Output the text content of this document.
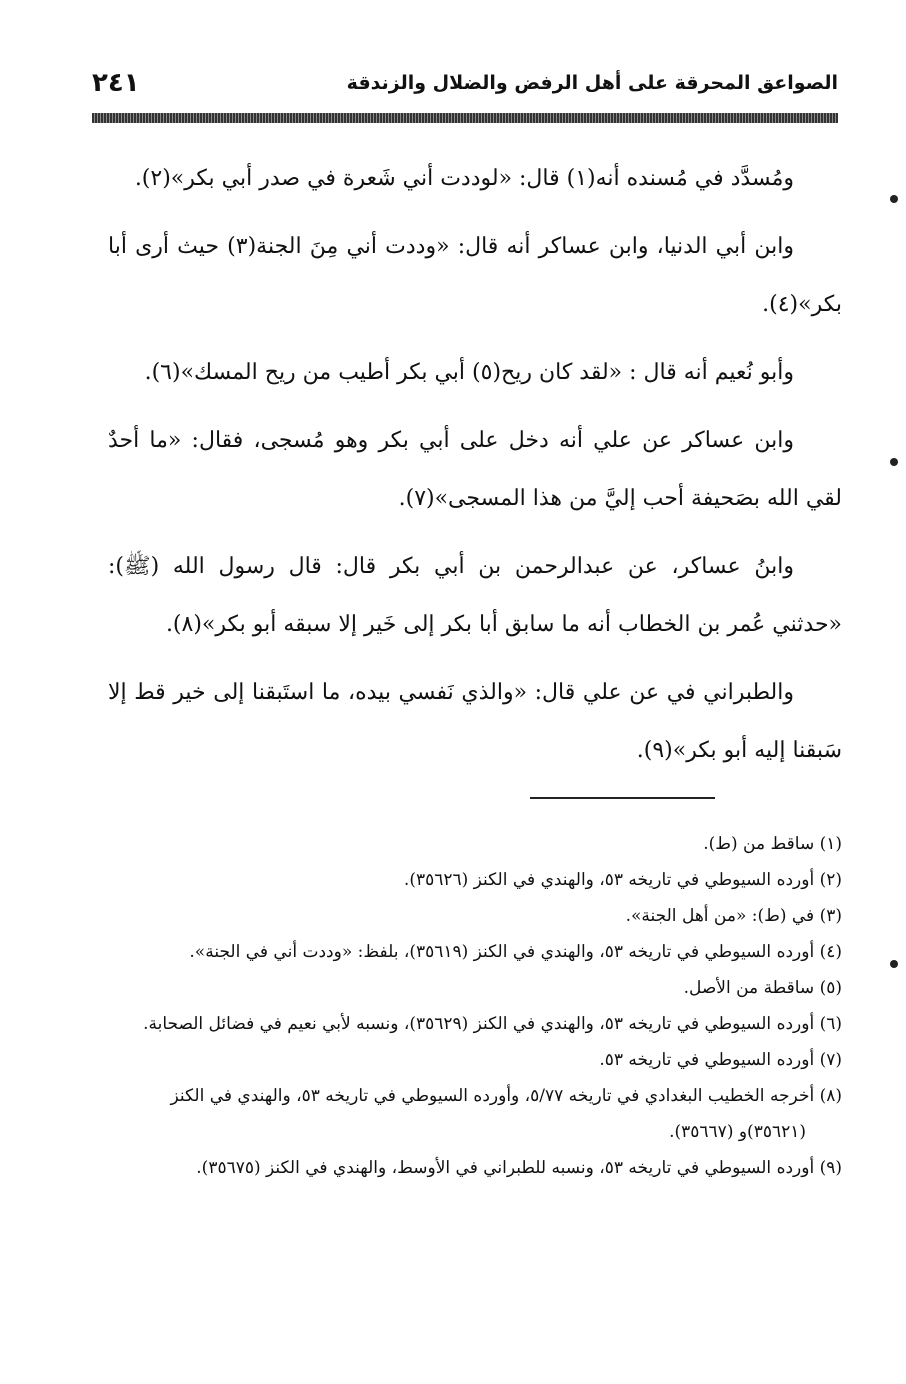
الصواعق المحرقة على أهل الرفض والضلال والزندقة
٢٤١

ومُسدَّد في مُسنده أنه(١) قال: «لوددت أني شَعرة في صدر أبي بكر»(٢).

وابن أبي الدنيا، وابن عساكر أنه قال: «وددت أني مِنَ الجنة(٣) حيث أرى أبا بكر»(٤).

وأبو نُعيم أنه قال : «لقد كان ريح(٥) أبي بكر أطيب من ريح المسك»(٦).

وابن عساكر عن علي أنه دخل على أبي بكر وهو مُسجى، فقال: «ما أحدٌ لقي الله بصَحيفة أحب إليَّ من هذا المسجى»(٧).

وابنُ عساكر، عن عبدالرحمن بن أبي بكر قال: قال رسول الله (ﷺ): «حدثني عُمر بن الخطاب أنه ما سابق أبا بكر إلى خَير إلا سبقه أبو بكر»(٨).

والطبراني في عن علي قال: «والذي نَفسي بيده، ما استَبقنا إلى خير قط إلا سَبقنا إليه أبو بكر»(٩).

(١) ساقط من (ط).

(٢) أورده السيوطي في تاريخه ٥٣، والهندي في الكنز (٣٥٦٢٦).

(٣) في (ط): «من أهل الجنة».

(٤) أورده السيوطي في تاريخه ٥٣، والهندي في الكنز (٣٥٦١٩)، بلفظ: «وددت أني في الجنة».

(٥) ساقطة من الأصل.

(٦) أورده السيوطي في تاريخه ٥٣، والهندي في الكنز (٣٥٦٢٩)، ونسبه لأبي نعيم في فضائل الصحابة.

(٧) أورده السيوطي في تاريخه ٥٣.

(٨) أخرجه الخطيب البغدادي في تاريخه ٥/٧٧، وأورده السيوطي في تاريخه ٥٣، والهندي في الكنز (٣٥٦٢١)و (٣٥٦٦٧).

(٩) أورده السيوطي في تاريخه ٥٣، ونسبه للطبراني في الأوسط، والهندي في الكنز (٣٥٦٧٥).
